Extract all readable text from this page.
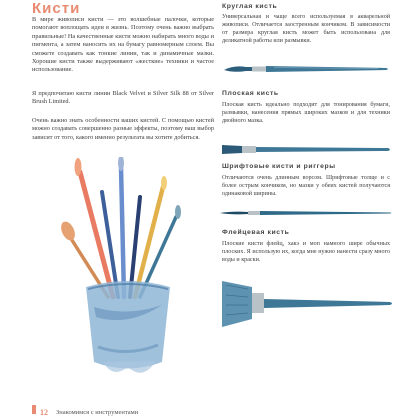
Кисти

В мире живописи кисти — это волшебные палочки, которые помогают воплощать идеи в жизнь. Поэтому очень важно выбрать правильные! На качественные кисти можно набирать много воды и пигмента, а затем наносить их на бумагу равномерным слоем. Вы сможете создавать как тонкие линии, так и динамичные мазки. Хорошие кисти также выдерживают «жесткие» техники и частое использование.

Я предпочитаю кисти линии Black Velvet и Silver Silk 88 от Silver Brush Limited.

Очень важно знать особенности ваших кистей. С помощью кистей можно создавать совершенно разные эффекты, поэтому ваш выбор зависит от того, какого именно результата вы хотите добиться.

Круглая кисть

Универсальная и чаще всего используемая в акварельной живописи. Отличается заостренным кончиком. В зависимости от размера круглая кисть может быть использована для деликатной работы или размывки.

Плоская кисть

Плоская кисть идеально подходит для тонирования бумаги, размывки, нанесения прямых широких мазков и для техники двойного мазка.

Шрифтовые кисти и риггеры

Отличаются очень длинным ворсом. Шрифтовые толще и с более острым кончиком, но мазки у обеих кистей получаются одинаковой ширины.

Флейцевая кисть

Плоские кисти флейц, хакэ и моп намного шире обычных плоских. Я использую их, когда мне нужно нанести сразу много воды и краски.

12 Знакомимся с инструментами
